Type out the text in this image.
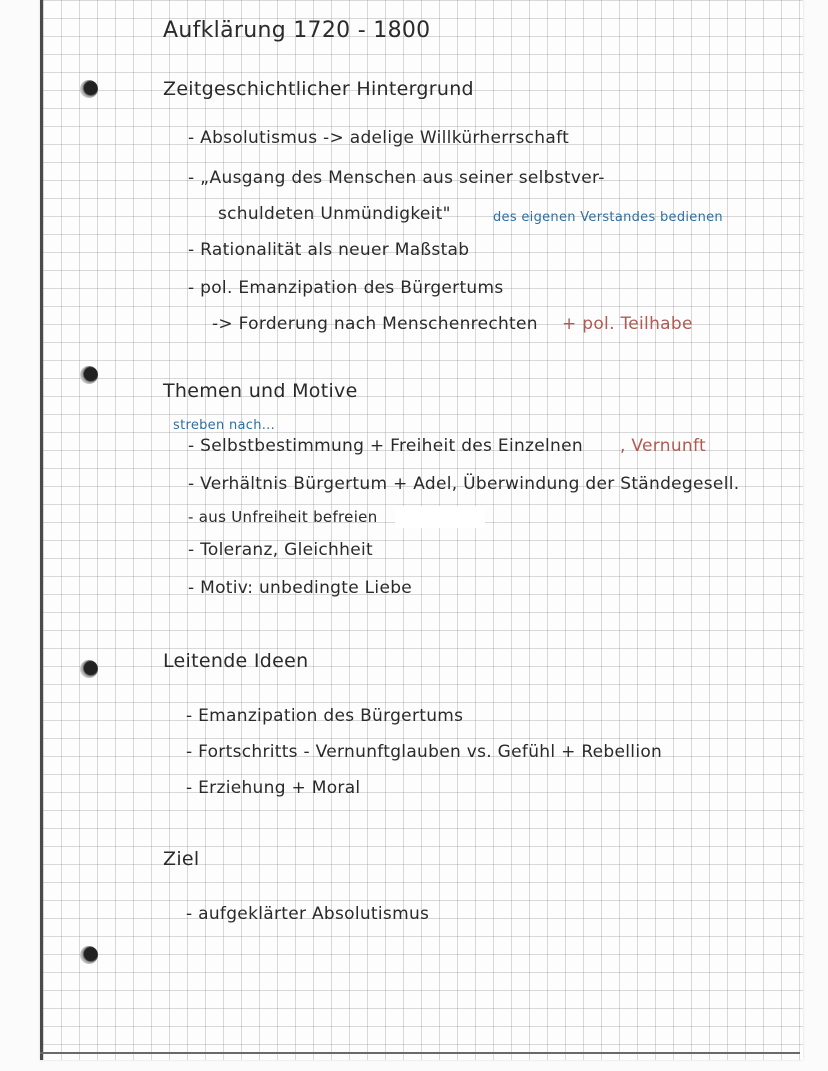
Aufklärung 1720 - 1800
Zeitgeschichtlicher Hintergrund
- Absolutismus -> adelige Willkürherrschaft
- „Ausgang des Menschen aus seiner selbstver-
schuldeten Unmündigkeit"	des eigenen Verstandes bedienen
- Rationalität als neuer Maßstab
- pol. Emanzipation des Bürgertums
-> Forderung nach Menschenrechten + pol. Teilhabe
Themen und Motive
streben nach...
- Selbstbestimmung + Freiheit des Einzelnen , Vernunft
- Verhältnis Bürgertum + Adel, Überwindung der Ständegesell.
- aus Unfreiheit befreien
- Toleranz, Gleichheit
- Motiv: unbedingte Liebe
Leitende Ideen
- Emanzipation des Bürgertums
- Fortschritts - Vernunftglauben vs. Gefühl + Rebellion
- Erziehung + Moral
Ziel
- aufgeklärter Absolutismus
